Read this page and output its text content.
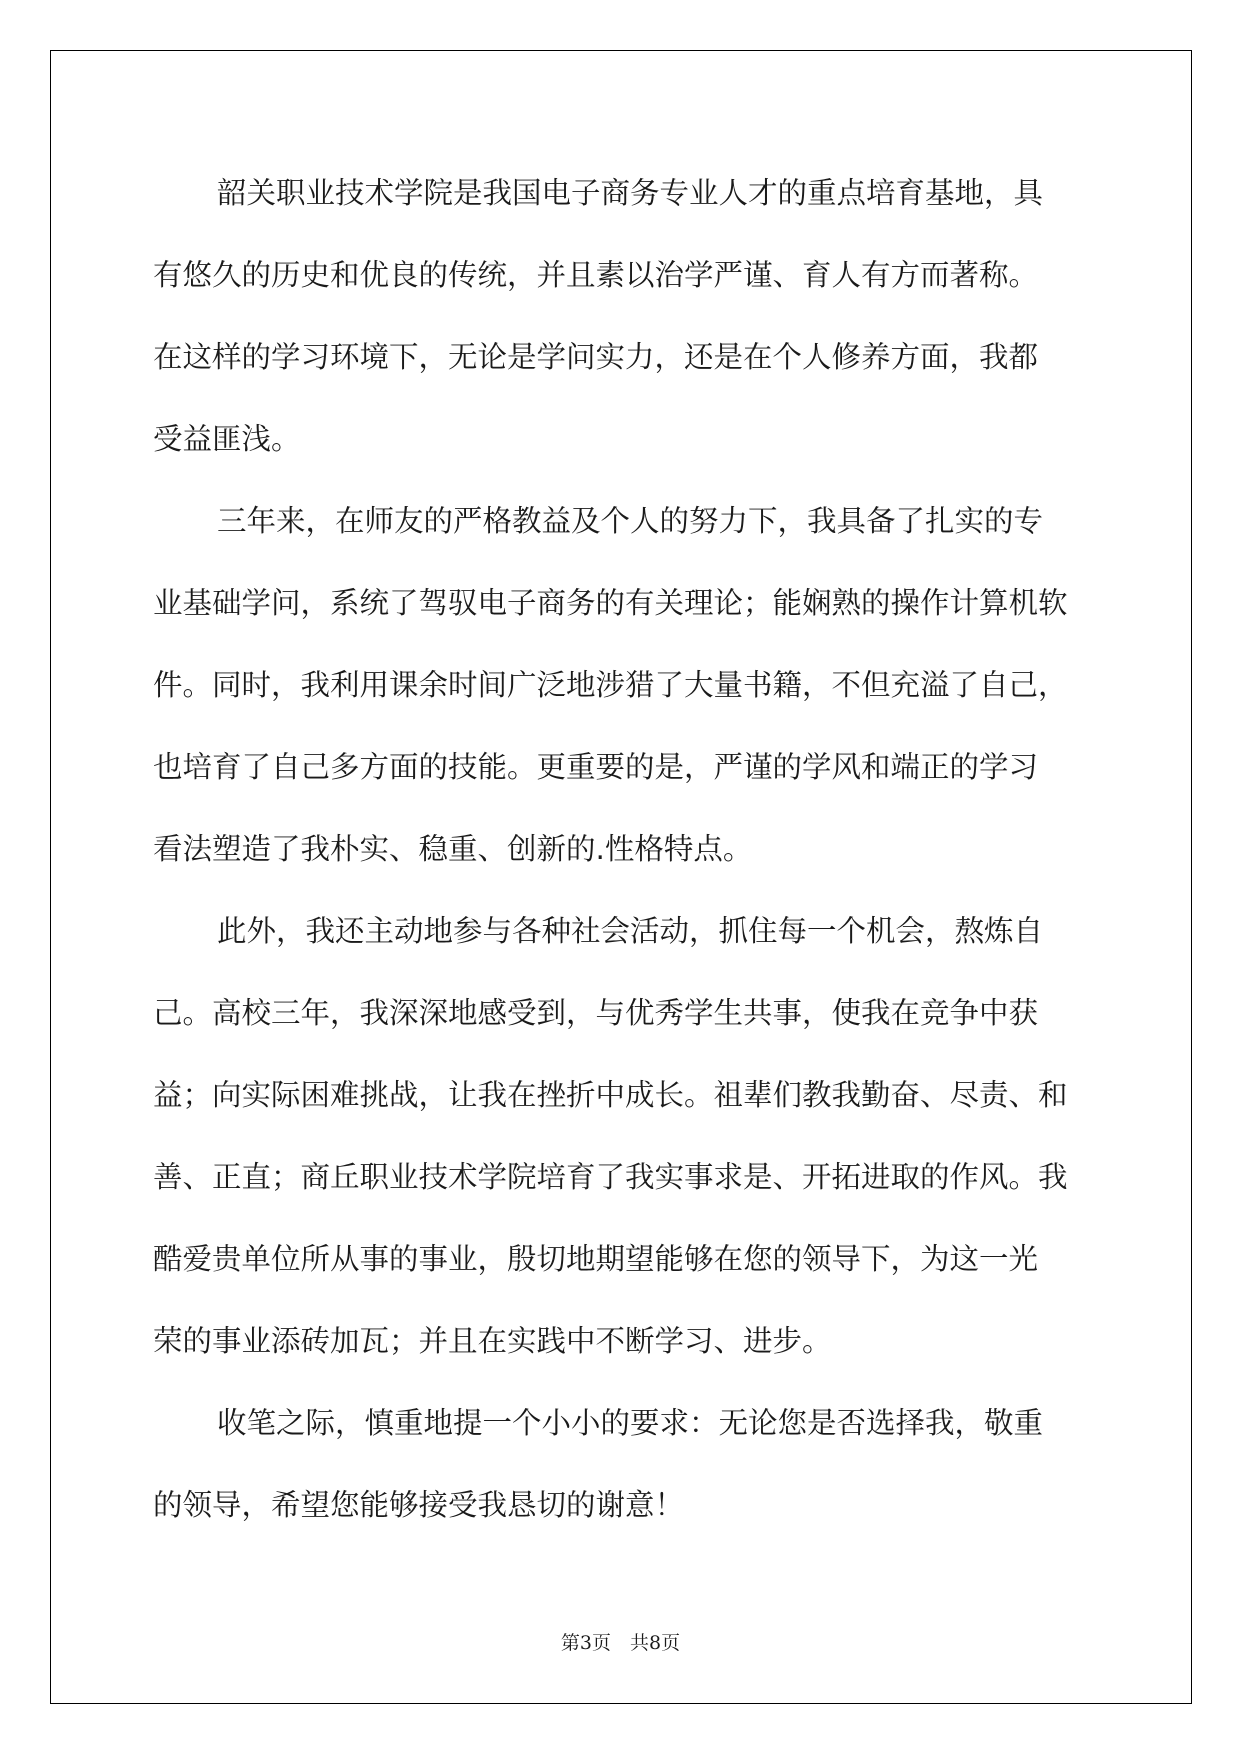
韶关职业技术学院是我国电子商务专业人才的重点培育基地，具
有悠久的历史和优良的传统，并且素以治学严谨、育人有方而著称。
在这样的学习环境下，无论是学问实力，还是在个人修养方面，我都
受益匪浅。
三年来，在师友的严格教益及个人的努力下，我具备了扎实的专
业基础学问，系统了驾驭电子商务的有关理论；能娴熟的操作计算机软
件。同时，我利用课余时间广泛地涉猎了大量书籍，不但充溢了自己，
也培育了自己多方面的技能。更重要的是，严谨的学风和端正的学习
看法塑造了我朴实、稳重、创新的.性格特点。
此外，我还主动地参与各种社会活动，抓住每一个机会，熬炼自
己。高校三年，我深深地感受到，与优秀学生共事，使我在竞争中获
益；向实际困难挑战，让我在挫折中成长。祖辈们教我勤奋、尽责、和
善、正直；商丘职业技术学院培育了我实事求是、开拓进取的作风。我
酷爱贵单位所从事的事业，殷切地期望能够在您的领导下，为这一光
荣的事业添砖加瓦；并且在实践中不断学习、进步。
收笔之际，慎重地提一个小小的要求：无论您是否选择我，敬重
的领导，希望您能够接受我恳切的谢意！
第3页　共8页
